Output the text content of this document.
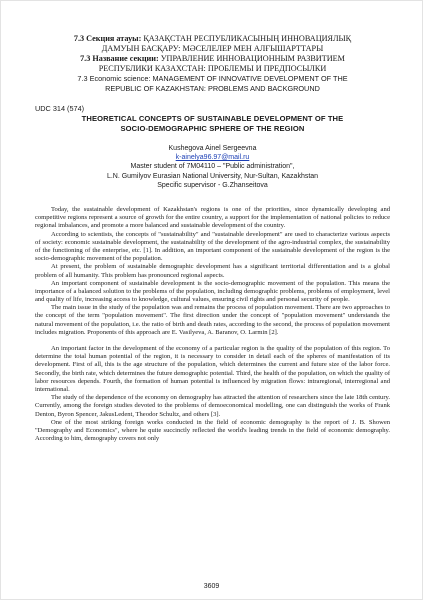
7.3 Секция атауы: ҚАЗАҚСТАН РЕСПУБЛИКАСЫНЫҢ ИННОВАЦИЯЛЫҚ
ДАМУЫН БАСҚАРУ: МӘСЕЛЕЛЕР МЕН АЛҒЫШАРТТАРЫ
7.3 Название секции: УПРАВЛЕНИЕ ИННОВАЦИОННЫМ РАЗВИТИЕМ
РЕСПУБЛИКИ КАЗАХСТАН: ПРОБЛЕМЫ И ПРЕДПОСЫЛКИ
7.3 Economic science: MANAGEMENT OF INNOVATIVE DEVELOPMENT OF THE
REPUBLIC OF KAZAKHSTAN: PROBLEMS AND BACKGROUND
UDC 314 (574)
THEORETICAL CONCEPTS OF SUSTAINABLE DEVELOPMENT OF THE
SOCIO-DEMOGRAPHIC SPHERE OF THE REGION
Kushegova Ainel Sergeevna
k-ainelya96.97@mail.ru
Master student of 7M04110 – "Public administration",
L.N. Gumilyov Eurasian National University, Nur-Sultan, Kazakhstan
Specific supervisor - G.Zhanseitova

Today, the sustainable development of Kazakhstan's regions is one of the priorities, since dynamically developing and competitive regions represent a source of growth for the entire country, a support for the implementation of national policies to reduce regional imbalances, and promote a more balanced and sustainable development of the country.

According to scientists, the concepts of "sustainability" and "sustainable development" are used to characterize various aspects of society: economic sustainable development, the sustainability of the development of the agro-industrial complex, the sustainability of the functioning of the enterprise, etc. [1]. In addition, an important component of the sustainable development of the region is the socio-demographic movement of the population.

At present, the problem of sustainable demographic development has a significant territorial differentiation and is a global problem of all humanity. This problem has pronounced regional aspects.

An important component of sustainable development is the socio-demographic movement of the population. This means the importance of a balanced solution to the problems of the population, including demographic problems, problems of employment, level and quality of life, increasing access to knowledge, cultural values, ensuring civil rights and personal security of people.

The main issue in the study of the population was and remains the process of population movement. There are two approaches to the concept of the term "population movement". The first direction under the concept of "population movement" understands the natural movement of the population, i.e. the ratio of birth and death rates, according to the second, the process of population movement includes migration. Proponents of this approach are E. Vasilyeva, A. Baranov, O. Larmin [2].

An important factor in the development of the economy of a particular region is the quality of the population of this region. To determine the total human potential of the region, it is necessary to consider in detail each of the spheres of manifestation of its development. First of all, this is the age structure of the population, which determines the current and future size of the labor force. Secondly, the birth rate, which determines the future demographic potential. Third, the health of the population, on which the quality of labor resources depends. Fourth, the formation of human potential is influenced by migration flows: intraregional, interregional and international.

The study of the dependence of the economy on demography has attracted the attention of researchers since the late 18th century. Currently, among the foreign studies devoted to the problems of demoeconomical modelling, one can distinguish the works of Frank Denton, Byron Spencer, JakusLedent, Theodor Schultz, and others [3].

One of the most striking foreign works conducted in the field of economic demography is the report of J. B. Showen "Demography and Economics", where he quite succinctly reflected the world's leading trends in the field of economic demography. According to him, demography covers not only

3609
